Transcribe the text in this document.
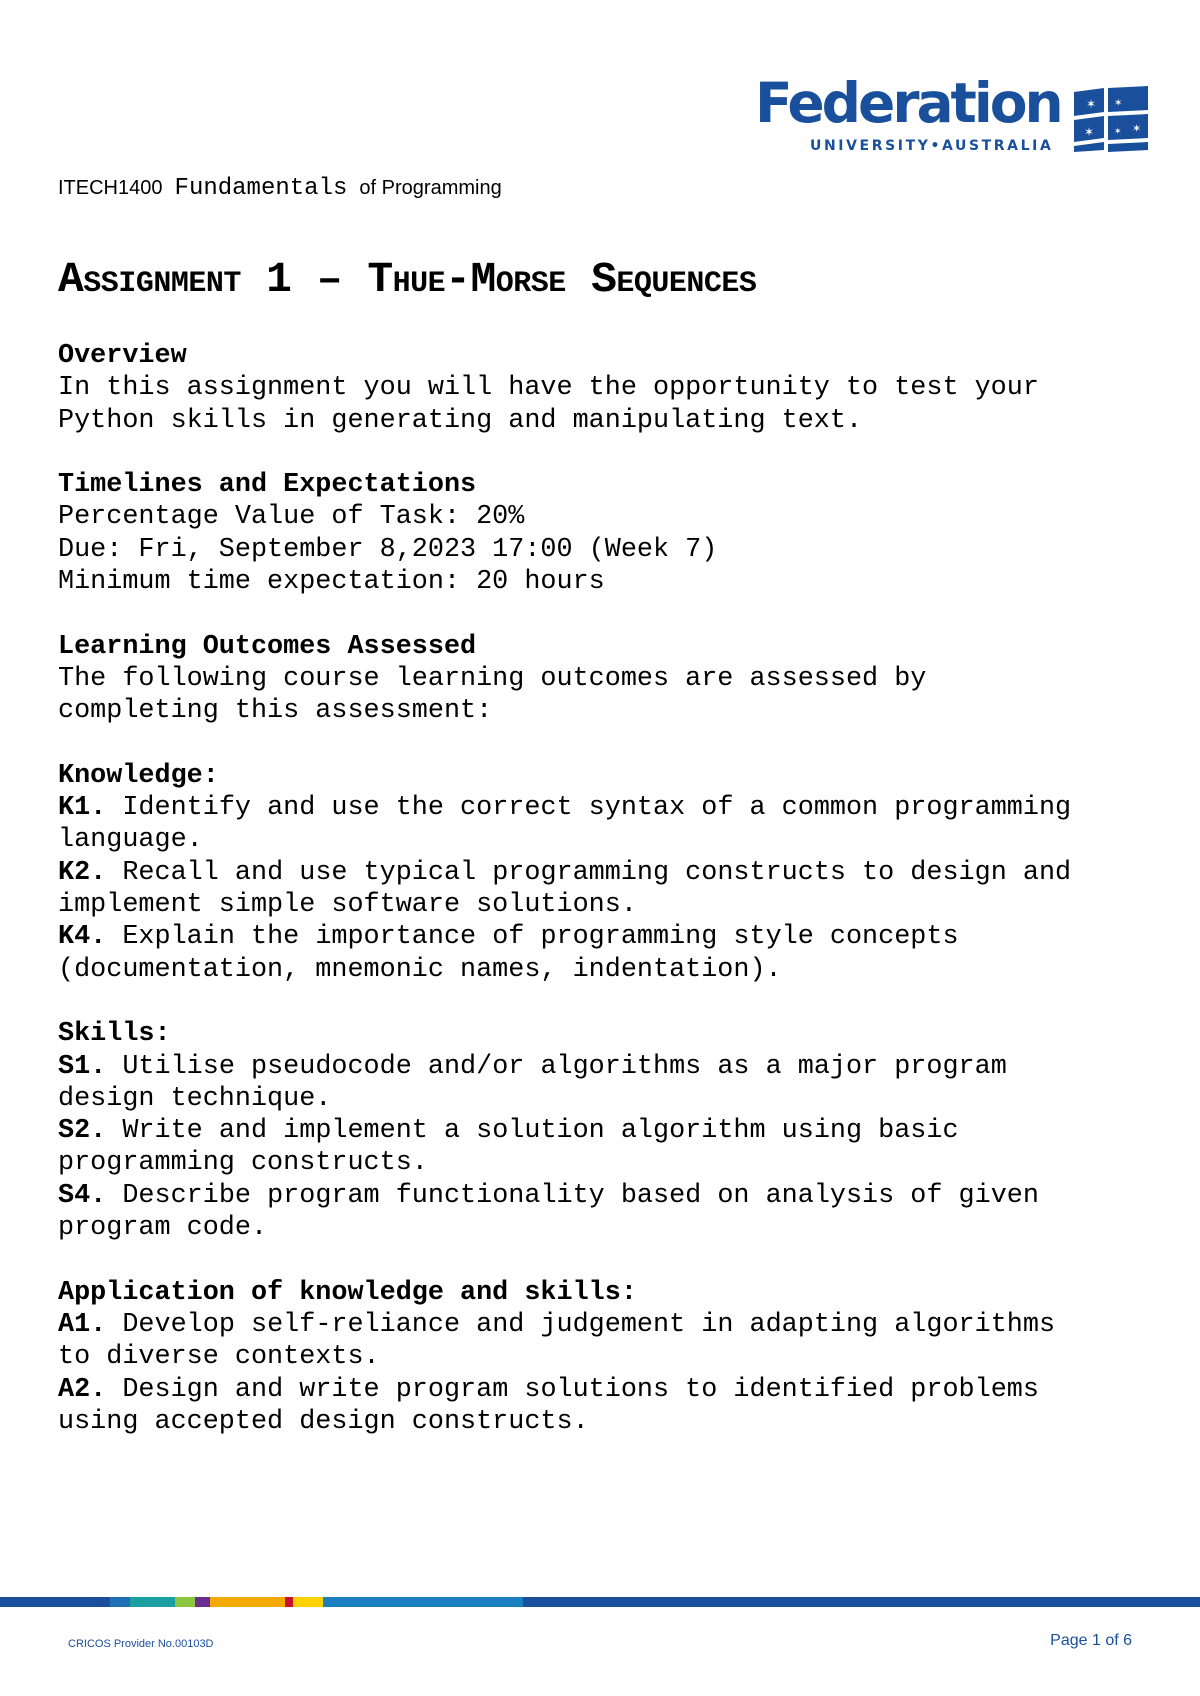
Federation
UNIVERSITY•AUSTRALIA
✶ ✶
✶
✶
✶
ITECH1400 Fundamentals of Programming
Assignment 1 – Thue-Morse Sequences

Overview

In this assignment you will have the opportunity to test your

Python skills in generating and manipulating text.

Timelines and Expectations

Percentage Value of Task: 20%

Due: Fri, September 8,2023 17:00 (Week 7)

Minimum time expectation: 20 hours

Learning Outcomes Assessed

The following course learning outcomes are assessed by

completing this assessment:

Knowledge:

K1. Identify and use the correct syntax of a common programming

language.

K2. Recall and use typical programming constructs to design and

implement simple software solutions.

K4. Explain the importance of programming style concepts

(documentation, mnemonic names, indentation).

Skills:

S1. Utilise pseudocode and/or algorithms as a major program

design technique.

S2. Write and implement a solution algorithm using basic

programming constructs.

S4. Describe program functionality based on analysis of given

program code.

Application of knowledge and skills:

A1. Develop self-reliance and judgement in adapting algorithms

to diverse contexts.

A2. Design and write program solutions to identified problems

using accepted design constructs.

CRICOS Provider No.00103D	Page 1 of 6
